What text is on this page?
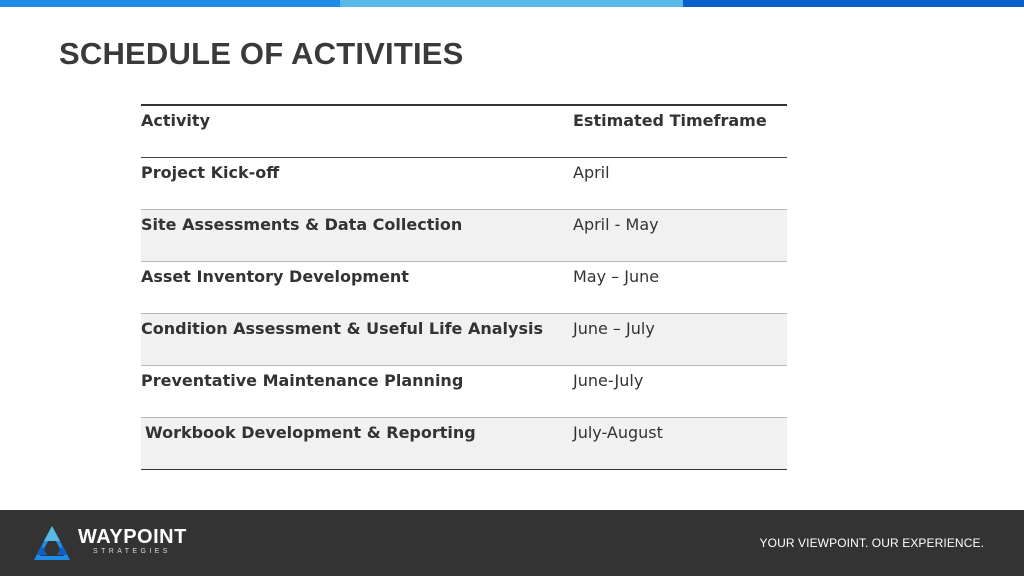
SCHEDULE OF ACTIVITIES
Activity	Estimated Timeframe
Project Kick-off	April
Site Assessments & Data Collection	April - May
Asset Inventory Development	May – June
Condition Assessment & Useful Life Analysis	June – July
Preventative Maintenance Planning	June-July
Workbook Development & Reporting	July-August
WAYPOINT
STRATEGIES
YOUR VIEWPOINT. OUR EXPERIENCE.
